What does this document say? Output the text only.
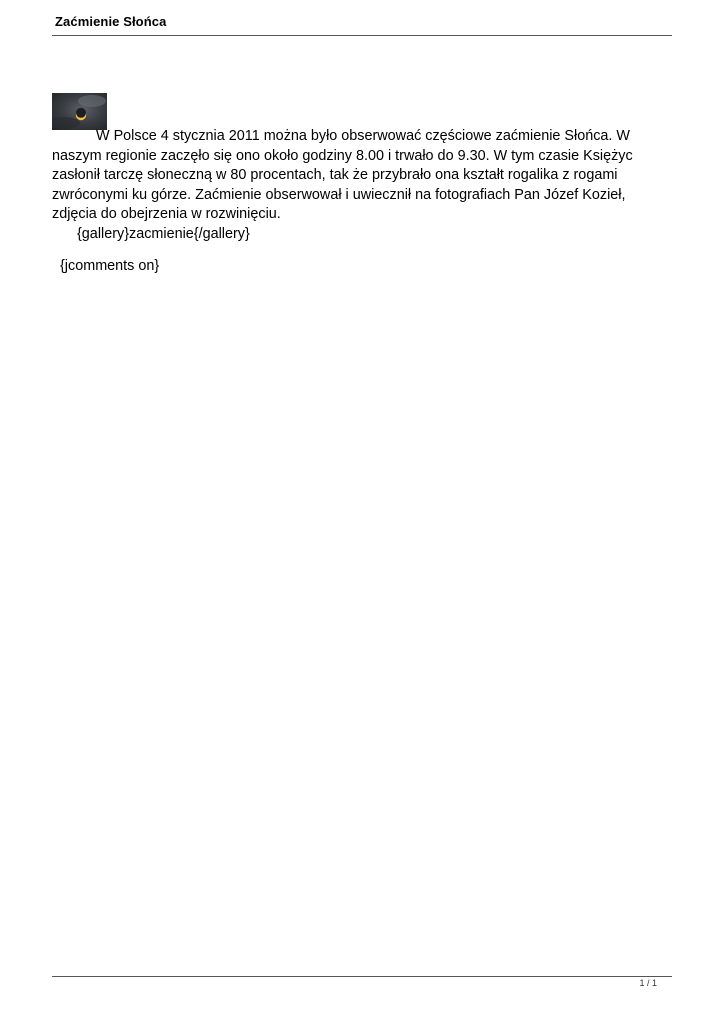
Zaćmienie Słońca

W Polsce 4 stycznia 2011 można było obserwować częściowe zaćmienie Słońca. W naszym regionie zaczęło się ono około godziny 8.00 i trwało do 9.30. W tym czasie Księżyc zasłonił tarczę słoneczną w 80 procentach, tak że przybrało ona kształt rogalika z rogami zwróconymi ku górze. Zaćmienie obserwował i uwiecznił na fotografiach Pan Józef Kozieł, zdjęcia do obejrzenia w rozwinięciu.

{gallery}zacmienie{/gallery}

{jcomments on}
1 / 1
